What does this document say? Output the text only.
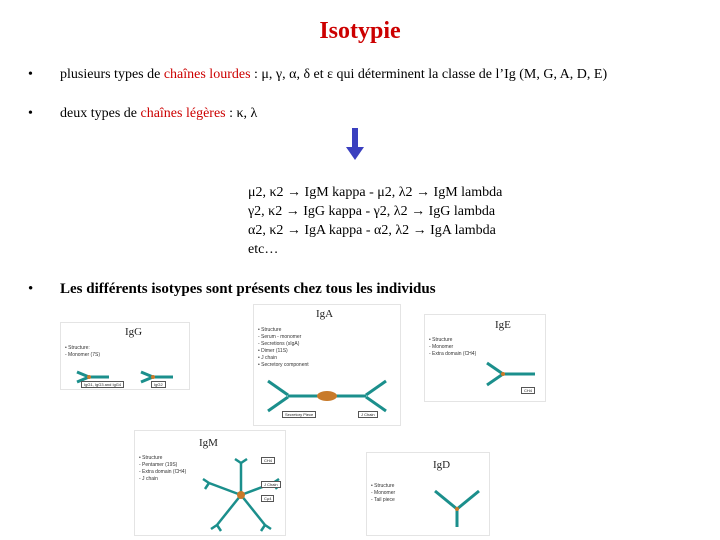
Isotypie
• plusieurs types de chaînes lourdes : μ, γ, α, δ et ε qui déterminent la classe de l’Ig (M, G, A, D, E)
• deux types de chaînes légères : κ, λ
μ2, κ2 → IgM kappa - μ2, λ2 → IgM lambda
γ2, κ2 → IgG kappa - γ2, λ2 → IgG lambda
α2, κ2 → IgA kappa - α2, λ2 → IgA lambda
etc…
• Les différents isotypes sont présents chez tous les individus
IgG
• Structure:
- Monomer (7S)
IgG1, IgG3 and IgG4	IgG2
IgA
• Structure
- Serum - monomer
- Secretions (sIgA)
• Dimer (11S)
• J chain
• Secretory component
Secretory Piece	J Chain
IgE
• Structure
- Monomer
- Extra domain (CH4)
CH4
IgM
• Structure
- Pentamer (19S)
- Extra domain (CH4)
- J chain
CH4
J Chain
Cμ4
IgD
• Structure
- Monomer
- Tail piece
